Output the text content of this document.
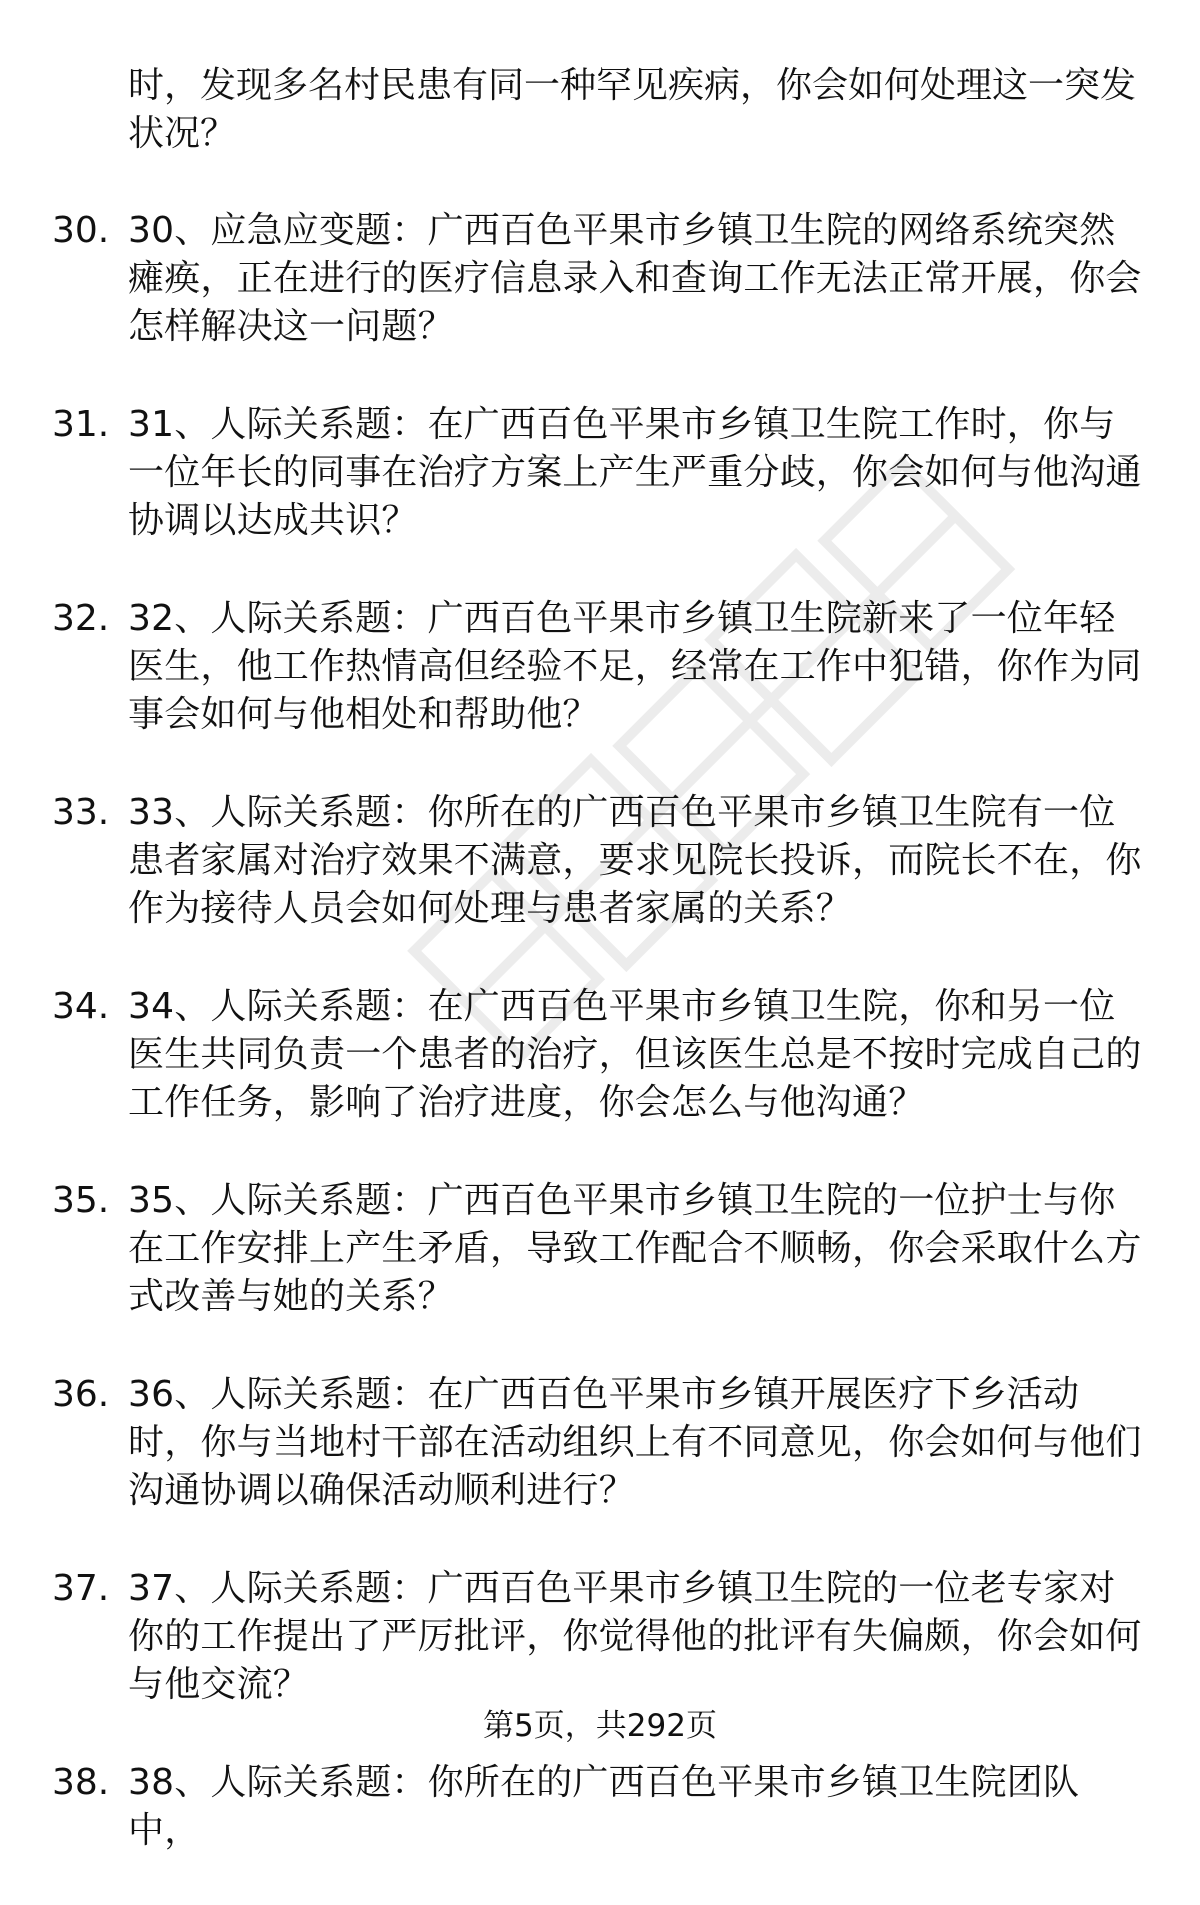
时，发现多名村民患有同一种罕见疾病，你会如何处理这一突发状况？
30. 30、应急应变题：广西百色平果市乡镇卫生院的网络系统突然瘫痪，正在进行的医疗信息录入和查询工作无法正常开展，你会怎样解决这一问题？
31. 31、人际关系题：在广西百色平果市乡镇卫生院工作时，你与一位年长的同事在治疗方案上产生严重分歧，你会如何与他沟通协调以达成共识？
32. 32、人际关系题：广西百色平果市乡镇卫生院新来了一位年轻医生，他工作热情高但经验不足，经常在工作中犯错，你作为同事会如何与他相处和帮助他？
33. 33、人际关系题：你所在的广西百色平果市乡镇卫生院有一位患者家属对治疗效果不满意，要求见院长投诉，而院长不在，你作为接待人员会如何处理与患者家属的关系？
34. 34、人际关系题：在广西百色平果市乡镇卫生院，你和另一位医生共同负责一个患者的治疗，但该医生总是不按时完成自己的工作任务，影响了治疗进度，你会怎么与他沟通？
35. 35、人际关系题：广西百色平果市乡镇卫生院的一位护士与你在工作安排上产生矛盾，导致工作配合不顺畅，你会采取什么方式改善与她的关系？
36. 36、人际关系题：在广西百色平果市乡镇开展医疗下乡活动时，你与当地村干部在活动组织上有不同意见，你会如何与他们沟通协调以确保活动顺利进行？
37. 37、人际关系题：广西百色平果市乡镇卫生院的一位老专家对你的工作提出了严厉批评，你觉得他的批评有失偏颇，你会如何与他交流？
38. 38、人际关系题：你所在的广西百色平果市乡镇卫生院团队中，
第5页，共292页
